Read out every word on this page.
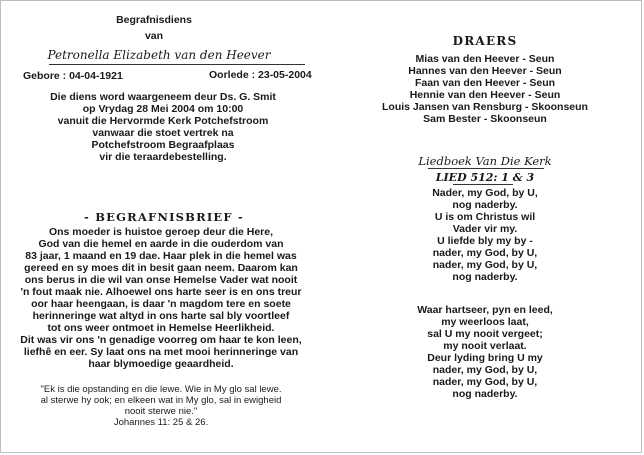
Begrafnisdiens
van
Petronella Elizabeth van den Heever
Gebore : 04-04-1921	Oorlede : 23-05-2004
Die diens word waargeneem deur Ds. G. Smit
op Vrydag 28 Mei 2004 om 10:00
vanuit die Hervormde Kerk Potchefstroom
vanwaar die stoet vertrek na
Potchefstroom Begraafplaas
vir die teraardebestelling.
- BEGRAFNISBRIEF -
Ons moeder is huistoe geroep deur die Here,
God van die hemel en aarde in die ouderdom van
83 jaar, 1 maand en 19 dae. Haar plek in die hemel was
gereed en sy moes dit in besit gaan neem. Daarom kan
ons berus in die wil van onse Hemelse Vader wat nooit
'n fout maak nie. Alhoewel ons harte seer is en ons treur
oor haar heengaan, is daar 'n magdom tere en soete
herinneringe wat altyd in ons harte sal bly voortleef
tot ons weer ontmoet in Hemelse Heerlikheid.
Dit was vir ons 'n genadige voorreg om haar te kon leen,
liefhê en eer. Sy laat ons na met mooi herinneringe van
haar blymoedige geaardheid.
"Ek is die opstanding en die lewe. Wie in My glo sal lewe.
al sterwe hy ook; en elkeen wat in My glo, sal in ewigheid
nooit sterwe nie."
Johannes 11: 25 & 26.
DRAERS
Mias van den Heever - Seun
Hannes van den Heever - Seun
Faan van den Heever - Seun
Hennie van den Heever - Seun
Louis Jansen van Rensburg - Skoonseun
Sam Bester - Skoonseun
Liedboek Van Die Kerk
LIED 512: 1 & 3
Nader, my God, by U,
nog naderby.
U is om Christus wil
Vader vir my.
U liefde bly my by -
nader, my God, by U,
nader, my God, by U,
nog naderby.
Waar hartseer, pyn en leed,
my weerloos laat,
sal U my nooit vergeet;
my nooit verlaat.
Deur lyding bring U my
nader, my God, by U,
nader, my God, by U,
nog naderby.
